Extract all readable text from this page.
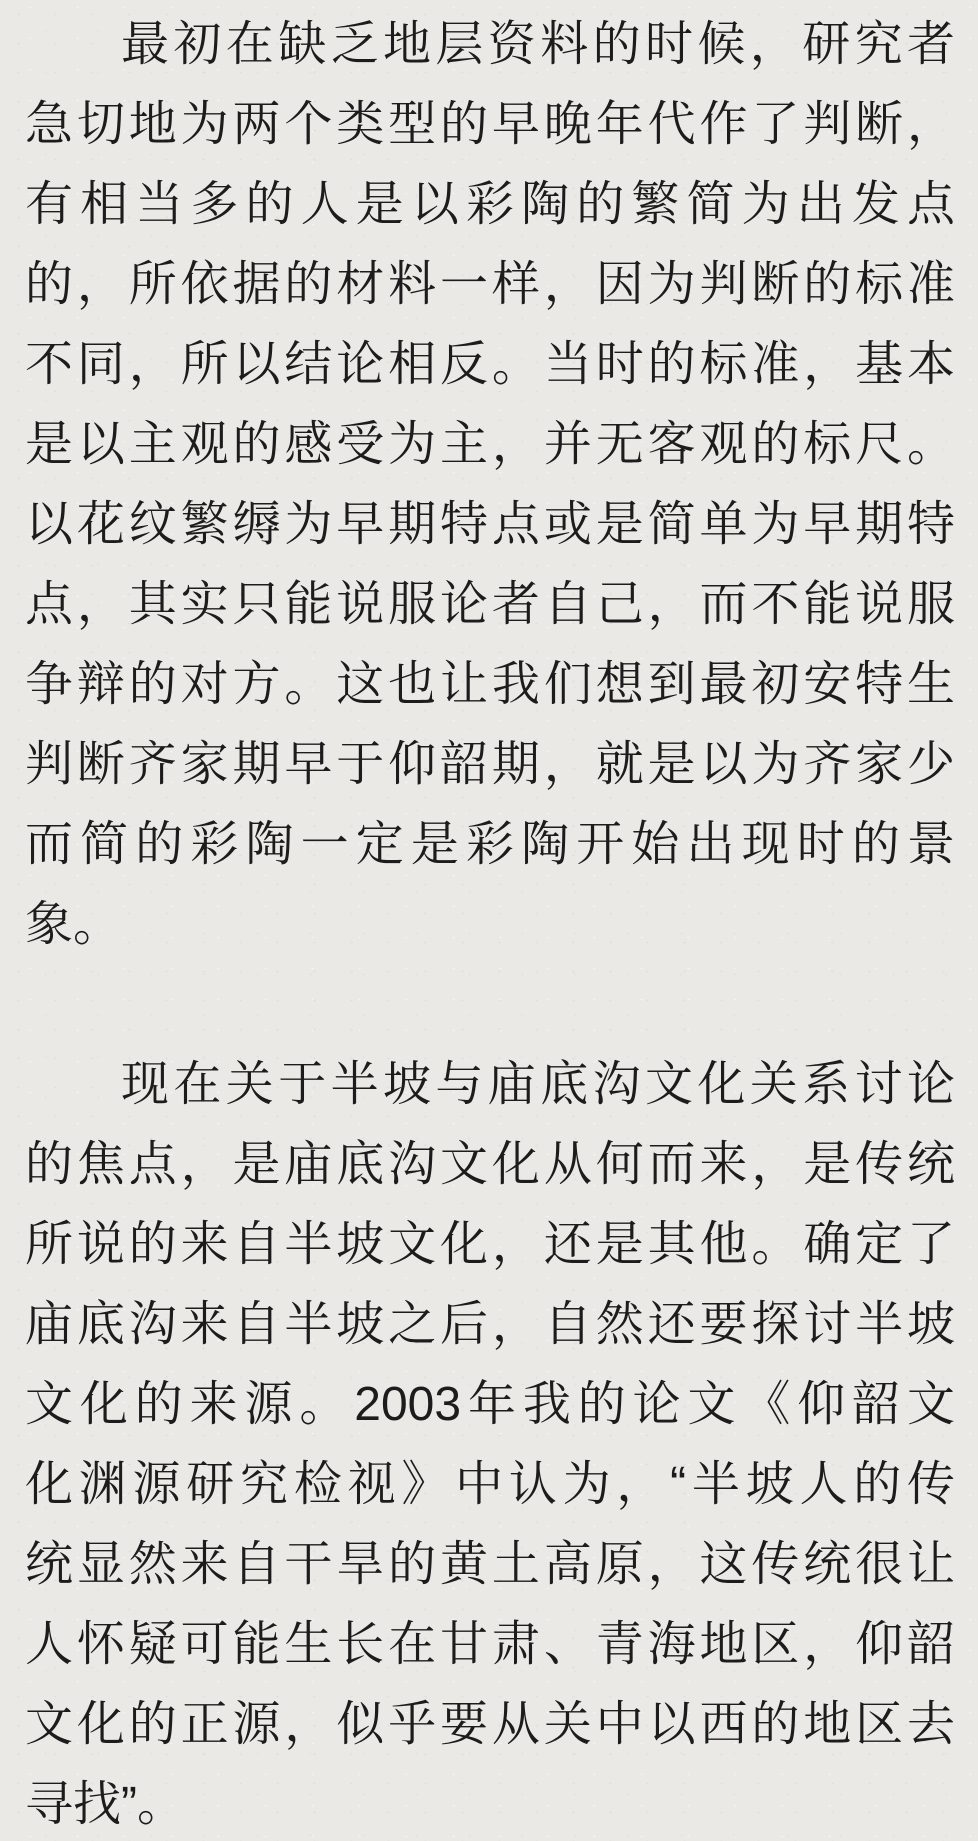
最初在缺乏地层资料的时候，研究者
急切地为两个类型的早晚年代作了判断，
有相当多的人是以彩陶的繁简为出发点
的，所依据的材料一样，因为判断的标准
不同，所以结论相反。当时的标准，基本
是以主观的感受为主，并无客观的标尺。
以花纹繁缛为早期特点或是简单为早期特
点，其实只能说服论者自己，而不能说服
争辩的对方。这也让我们想到最初安特生
判断齐家期早于仰韶期，就是以为齐家少
而简的彩陶一定是彩陶开始出现时的景
象。
现在关于半坡与庙底沟文化关系讨论
的焦点，是庙底沟文化从何而来，是传统
所说的来自半坡文化，还是其他。确定了
庙底沟来自半坡之后，自然还要探讨半坡
文化的来源。2003年我的论文《仰韶文
化渊源研究检视》中认为，“半坡人的传
统显然来自干旱的黄土高原，这传统很让
人怀疑可能生长在甘肃、青海地区，仰韶
文化的正源，似乎要从关中以西的地区去
寻找”。
